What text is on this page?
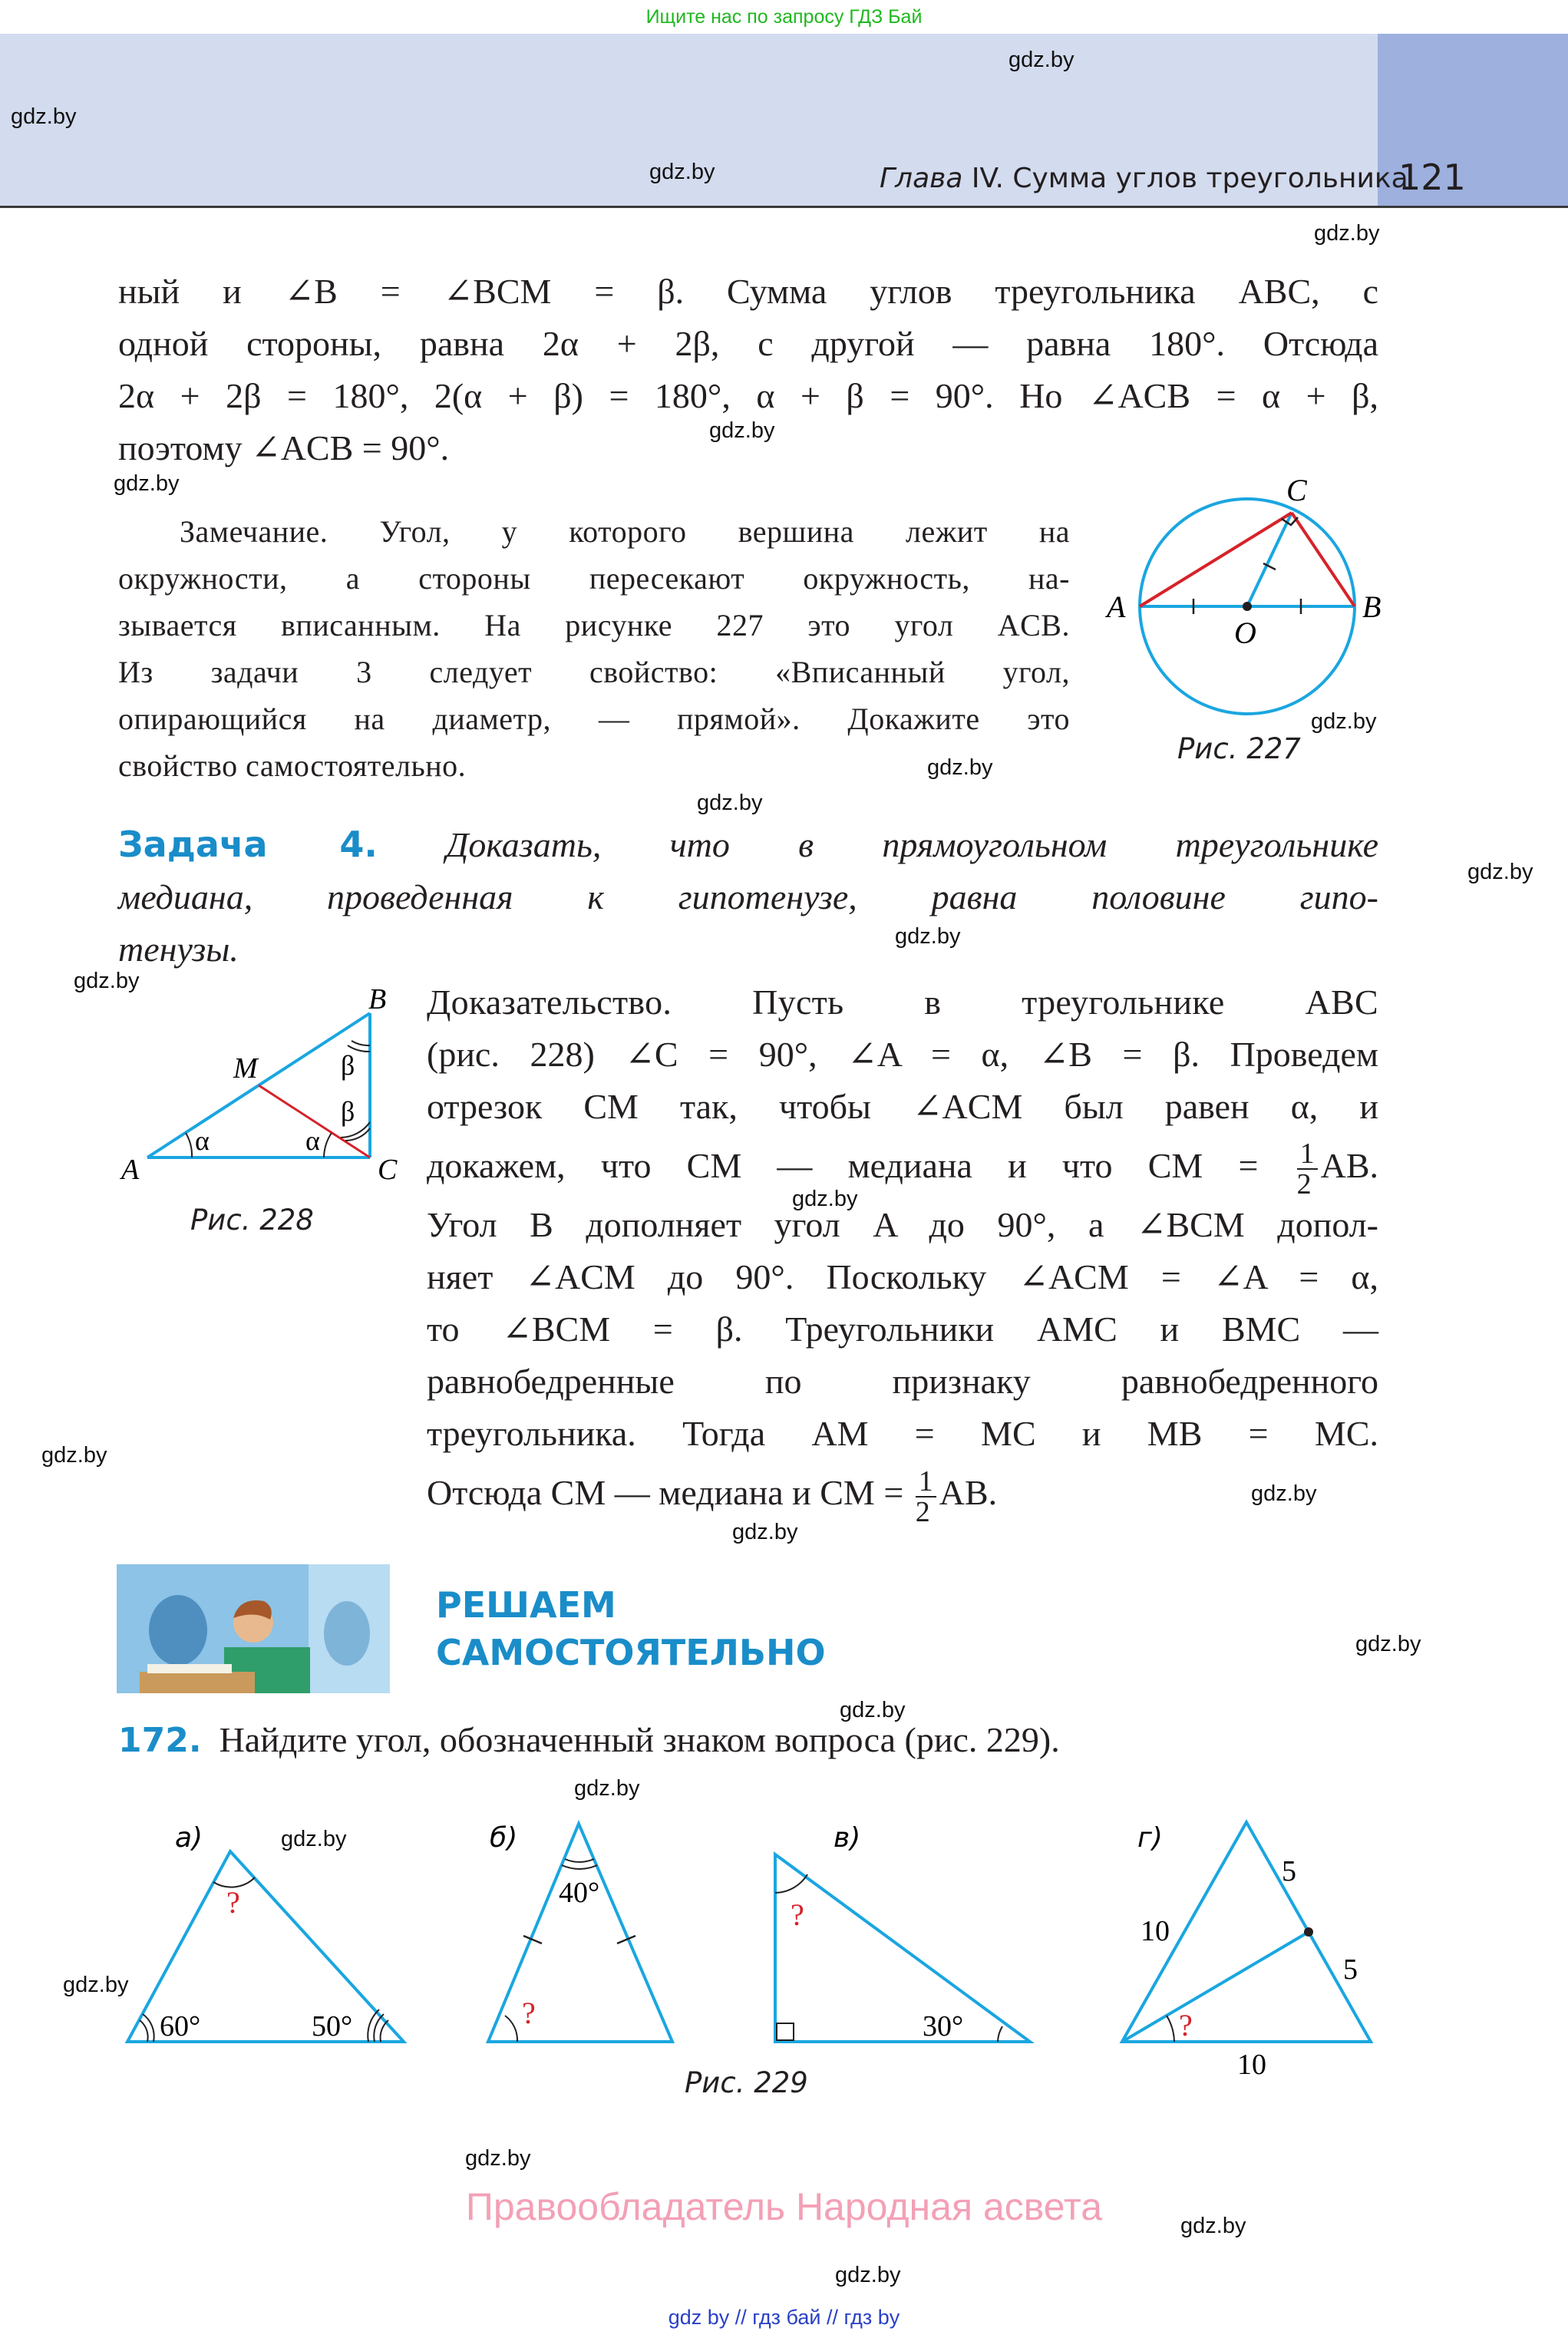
Ищите нас по запросу ГДЗ Бай
Глава IV. Сумма углов треугольника
121
gdz.by
gdz.by
gdz.by
gdz.by
gdz.by
gdz.by
gdz.by
gdz.by
gdz.by
gdz.by
gdz.by
gdz.by
gdz.by
gdz.by
gdz.by
gdz.by
gdz.by
gdz.by
gdz.by
gdz.by
gdz.by
gdz.by
gdz.by
gdz.by
ный и ∠B = ∠BCM = β. Сумма углов треугольника ABC, с
одной стороны, равна 2α + 2β, с другой — равна 180°. Отсюда
2α + 2β = 180°, 2(α + β) = 180°, α + β = 90°. Но ∠ACB = α + β,
поэтому ∠ACB = 90°.
Замечание. Угол, у которого вершина лежит на
окружности, а стороны пересекают окружность, на-
зывается вписанным. На рисунке 227 это угол ACB.
Из задачи 3 следует свойство: «Вписанный угол,
опирающийся на диаметр, — прямой». Докажите это
свойство самостоятельно.
A	B
C
O
Рис. 227
Задача 4. Доказать, что в прямоугольном треугольнике
медиана, проведенная к гипотенузе, равна половине гипо-
тенузы.
A	C
B
M
α	α
β
β
Рис. 228
Доказательство. Пусть в треугольнике ABC
(рис. 228) ∠C = 90°, ∠A = α, ∠B = β. Проведем
отрезок CM так, чтобы ∠ACM был равен α, и
докажем, что CM — медиана и что CM = $\frac{1}{2}$ AB.
Угол B дополняет угол A до 90°, а ∠BCM допол-
няет ∠ACM до 90°. Поскольку ∠ACM = ∠A = α,
то ∠BCM = β. Треугольники AMC и BMC —
равнобедренные по признаку равнобедренного
треугольника. Тогда AM = MC и MB = MC.
Отсюда CM — медиана и CM = $\frac{1}{2}$ AB.
РЕШАЕМ
САМОСТОЯТЕЛЬНО
172. Найдите угол, обозначенный знаком вопроса (рис. 229).
а)
?
60°	50°
б)
40°
?
в)
?
30°
г)
5
5
10
10
?
Рис. 229
Правообладатель Народная асвета
gdz by // гдз бай // гдз by
